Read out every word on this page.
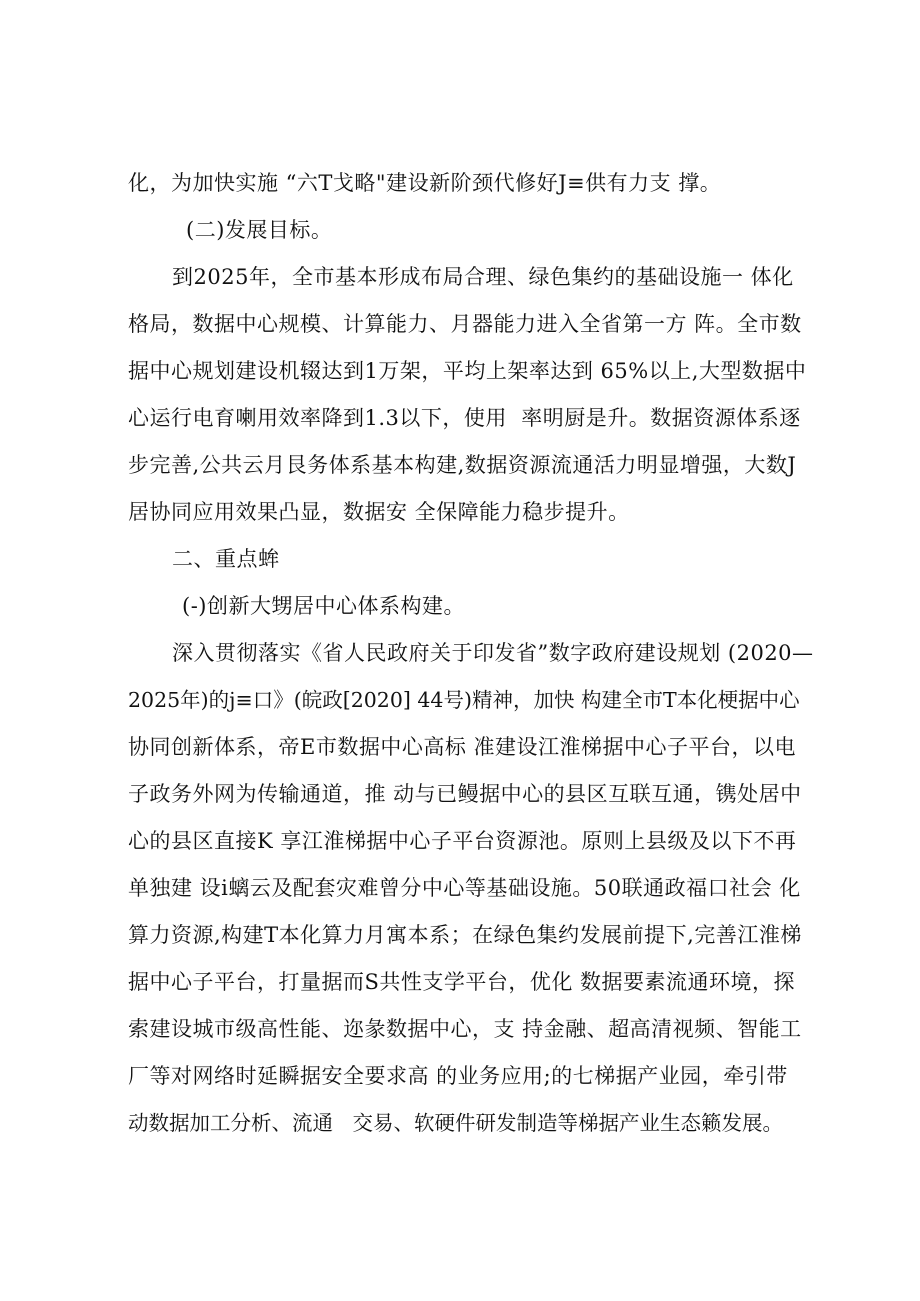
化，为加快实施 “六T戈略"建设新阶颈代修好J≡供有力支 撑。
(二)发展目标。
到2025年，全市基本形成布局合理、绿色集约的基础设施一 体化
格局，数据中心规模、计算能力、月器能力进入全省第一方 阵。全市数
据中心规划建设机辍达到1万架，平均上架率达到 65%以上,大型数据中
心运行电育喇用效率降到1.3以下，使用  率明厨是升。数据资源体系逐
步完善,公共云月艮务体系基本构建,数据资源流通活力明显增强，大数J
居协同应用效果凸显，数据安 全保障能力稳步提升。
二、重点蛑
(-)创新大甥居中心体系构建。
深入贯彻落实《省人民政府关于印发省”数字政府建设规划 (2020—
2025年)的j≡口》(皖政[2020] 44号)精神，加快 构建全市T本化梗据中心
协同创新体系，帝E市数据中心高标 准建设江淮梯据中心子平台，以电
子政务外网为传输通道，推 动与已鳗据中心的县区互联互通，镌处居中
心的县区直接K 享江淮梯据中心子平台资源池。原则上县级及以下不再
单独建 设i螭云及配套灾难曾分中心等基础设施。50联通政福口社会 化
算力资源,构建T本化算力月寓本系；在绿色集约发展前提下,完善江淮梯
据中心子平台，打量据而S共性支学平台，优化 数据要素流通环境，探
索建设城市级高性能、迩彖数据中心，支 持金融、超高清视频、智能工
厂等对网络时延瞬据安全要求高 的业务应用;的七梯据产业园，牵引带
动数据加工分析、流通   交易、软硬件研发制造等梯据产业生态籁发展。
